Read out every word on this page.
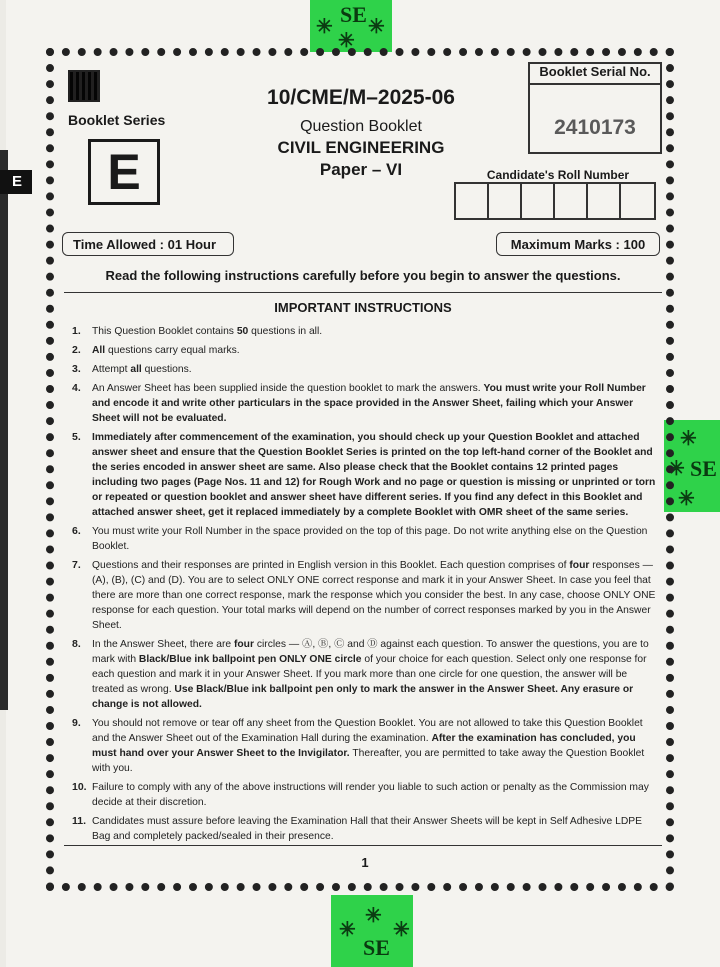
E
✳
✳
✳
SE
✳
✳ SE
✳
✳
✳
✳
SE
Booklet Series
E
10/CME/M–2025-06
Question Booklet
CIVIL ENGINEERING
Paper – VI
Booklet Serial No.
2410173
Candidate's Roll Number
Time Allowed : 01 Hour	Maximum Marks : 100
Read the following instructions carefully before you begin to answer the questions.
IMPORTANT INSTRUCTIONS
1. This Question Booklet contains 50 questions in all.
2. All questions carry equal marks.
3. Attempt all questions.
4. An Answer Sheet has been supplied inside the question booklet to mark the answers. You must write your Roll Number and encode it and write other particulars in the space provided in the Answer Sheet, failing which your Answer Sheet will not be evaluated.
5. Immediately after commencement of the examination, you should check up your Question Booklet and attached answer sheet and ensure that the Question Booklet Series is printed on the top left-hand corner of the Booklet and the series encoded in answer sheet are same. Also please check that the Booklet contains 12 printed pages including two pages (Page Nos. 11 and 12) for Rough Work and no page or question is missing or unprinted or torn or repeated or question booklet and answer sheet have different series. If you find any defect in this Booklet and attached answer sheet, get it replaced immediately by a complete Booklet with OMR sheet of the same series.
6. You must write your Roll Number in the space provided on the top of this page. Do not write anything else on the Question Booklet.
7. Questions and their responses are printed in English version in this Booklet. Each question comprises of four responses — (A), (B), (C) and (D). You are to select ONLY ONE correct response and mark it in your Answer Sheet. In case you feel that there are more than one correct response, mark the response which you consider the best. In any case, choose ONLY ONE response for each question. Your total marks will depend on the number of correct responses marked by you in the Answer Sheet.
8. In the Answer Sheet, there are four circles — Ⓐ, Ⓑ, Ⓒ and Ⓓ against each question. To answer the questions, you are to mark with Black/Blue ink ballpoint pen ONLY ONE circle of your choice for each question. Select only one response for each question and mark it in your Answer Sheet. If you mark more than one circle for one question, the answer will be treated as wrong. Use Black/Blue ink ballpoint pen only to mark the answer in the Answer Sheet. Any erasure or change is not allowed.
9. You should not remove or tear off any sheet from the Question Booklet. You are not allowed to take this Question Booklet and the Answer Sheet out of the Examination Hall during the examination. After the examination has concluded, you must hand over your Answer Sheet to the Invigilator. Thereafter, you are permitted to take away the Question Booklet with you.
10. Failure to comply with any of the above instructions will render you liable to such action or penalty as the Commission may decide at their discretion.
11. Candidates must assure before leaving the Examination Hall that their Answer Sheets will be kept in Self Adhesive LDPE Bag and completely packed/sealed in their presence.
1
